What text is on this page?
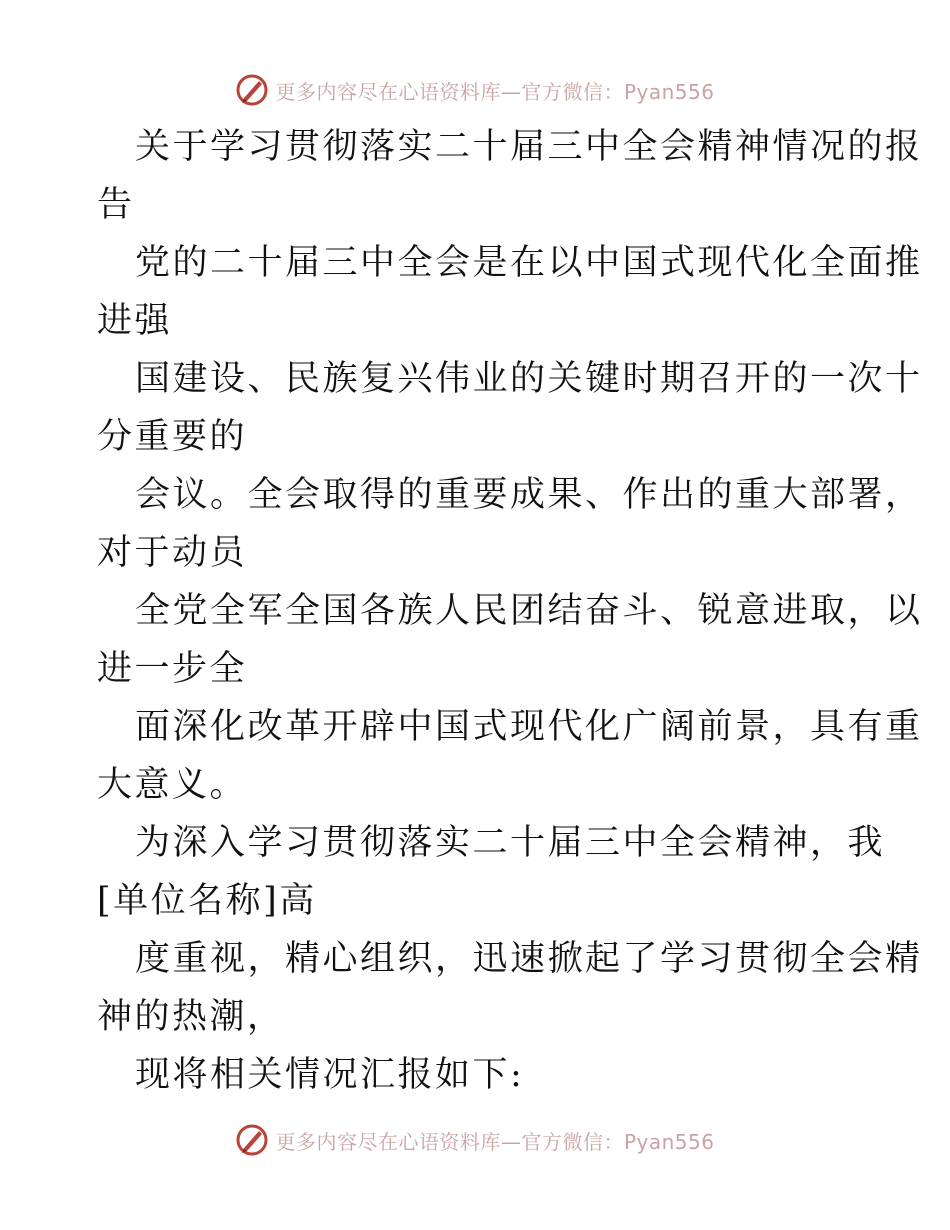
更多内容尽在心语资料库—官方微信：Pyan556

关于学习贯彻落实二十届三中全会精神情况的报

告

党的二十届三中全会是在以中国式现代化全面推

进强

国建设、民族复兴伟业的关键时期召开的一次十

分重要的

会议。全会取得的重要成果、作出的重大部署，

对于动员

全党全军全国各族人民团结奋斗、锐意进取，以

进一步全

面深化改革开辟中国式现代化广阔前景，具有重

大意义。

为深入学习贯彻落实二十届三中全会精神，我

[单位名称]高

度重视，精心组织，迅速掀起了学习贯彻全会精

神的热潮，

现将相关情况汇报如下:

更多内容尽在心语资料库—官方微信：Pyan556
